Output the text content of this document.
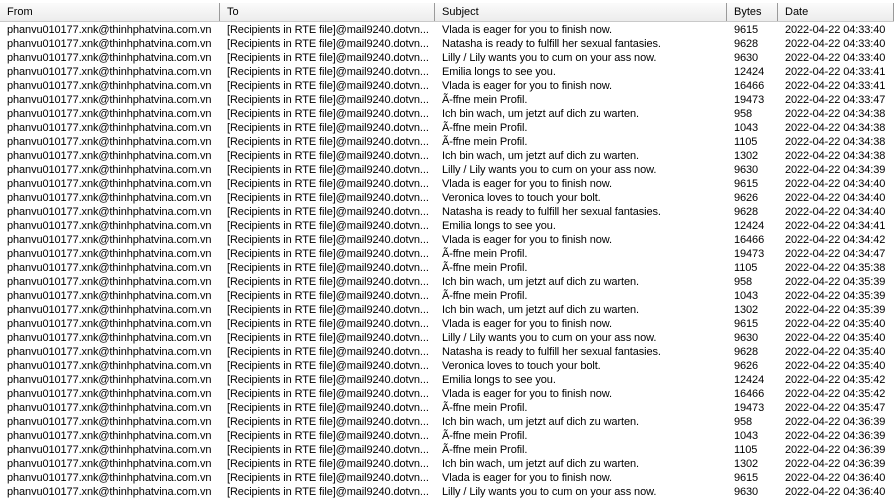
From	To	Subject	Bytes	Date
phanvu010177.xnk@thinhphatvina.com.vn	[Recipients in RTE file]@mail9240.dotvn...	Vlada is eager for you to finish now.	9615	2022-04-22 04:33:40
phanvu010177.xnk@thinhphatvina.com.vn	[Recipients in RTE file]@mail9240.dotvn...	Natasha is ready to fulfill her sexual fantasies.	9628	2022-04-22 04:33:40
phanvu010177.xnk@thinhphatvina.com.vn	[Recipients in RTE file]@mail9240.dotvn...	Lilly / Lily wants you to cum on your ass now.	9630	2022-04-22 04:33:40
phanvu010177.xnk@thinhphatvina.com.vn	[Recipients in RTE file]@mail9240.dotvn...	Emilia longs to see you.	12424	2022-04-22 04:33:41
phanvu010177.xnk@thinhphatvina.com.vn	[Recipients in RTE file]@mail9240.dotvn...	Vlada is eager for you to finish now.	16466	2022-04-22 04:33:41
phanvu010177.xnk@thinhphatvina.com.vn	[Recipients in RTE file]@mail9240.dotvn...	Ã-ffne mein Profil.	19473	2022-04-22 04:33:47
phanvu010177.xnk@thinhphatvina.com.vn	[Recipients in RTE file]@mail9240.dotvn...	Ich bin wach, um jetzt auf dich zu warten.	958	2022-04-22 04:34:38
phanvu010177.xnk@thinhphatvina.com.vn	[Recipients in RTE file]@mail9240.dotvn...	Ã-ffne mein Profil.	1043	2022-04-22 04:34:38
phanvu010177.xnk@thinhphatvina.com.vn	[Recipients in RTE file]@mail9240.dotvn...	Ã-ffne mein Profil.	1105	2022-04-22 04:34:38
phanvu010177.xnk@thinhphatvina.com.vn	[Recipients in RTE file]@mail9240.dotvn...	Ich bin wach, um jetzt auf dich zu warten.	1302	2022-04-22 04:34:38
phanvu010177.xnk@thinhphatvina.com.vn	[Recipients in RTE file]@mail9240.dotvn...	Lilly / Lily wants you to cum on your ass now.	9630	2022-04-22 04:34:39
phanvu010177.xnk@thinhphatvina.com.vn	[Recipients in RTE file]@mail9240.dotvn...	Vlada is eager for you to finish now.	9615	2022-04-22 04:34:40
phanvu010177.xnk@thinhphatvina.com.vn	[Recipients in RTE file]@mail9240.dotvn...	Veronica loves to touch your bolt.	9626	2022-04-22 04:34:40
phanvu010177.xnk@thinhphatvina.com.vn	[Recipients in RTE file]@mail9240.dotvn...	Natasha is ready to fulfill her sexual fantasies.	9628	2022-04-22 04:34:40
phanvu010177.xnk@thinhphatvina.com.vn	[Recipients in RTE file]@mail9240.dotvn...	Emilia longs to see you.	12424	2022-04-22 04:34:41
phanvu010177.xnk@thinhphatvina.com.vn	[Recipients in RTE file]@mail9240.dotvn...	Vlada is eager for you to finish now.	16466	2022-04-22 04:34:42
phanvu010177.xnk@thinhphatvina.com.vn	[Recipients in RTE file]@mail9240.dotvn...	Ã-ffne mein Profil.	19473	2022-04-22 04:34:47
phanvu010177.xnk@thinhphatvina.com.vn	[Recipients in RTE file]@mail9240.dotvn...	Ã-ffne mein Profil.	1105	2022-04-22 04:35:38
phanvu010177.xnk@thinhphatvina.com.vn	[Recipients in RTE file]@mail9240.dotvn...	Ich bin wach, um jetzt auf dich zu warten.	958	2022-04-22 04:35:39
phanvu010177.xnk@thinhphatvina.com.vn	[Recipients in RTE file]@mail9240.dotvn...	Ã-ffne mein Profil.	1043	2022-04-22 04:35:39
phanvu010177.xnk@thinhphatvina.com.vn	[Recipients in RTE file]@mail9240.dotvn...	Ich bin wach, um jetzt auf dich zu warten.	1302	2022-04-22 04:35:39
phanvu010177.xnk@thinhphatvina.com.vn	[Recipients in RTE file]@mail9240.dotvn...	Vlada is eager for you to finish now.	9615	2022-04-22 04:35:40
phanvu010177.xnk@thinhphatvina.com.vn	[Recipients in RTE file]@mail9240.dotvn...	Lilly / Lily wants you to cum on your ass now.	9630	2022-04-22 04:35:40
phanvu010177.xnk@thinhphatvina.com.vn	[Recipients in RTE file]@mail9240.dotvn...	Natasha is ready to fulfill her sexual fantasies.	9628	2022-04-22 04:35:40
phanvu010177.xnk@thinhphatvina.com.vn	[Recipients in RTE file]@mail9240.dotvn...	Veronica loves to touch your bolt.	9626	2022-04-22 04:35:40
phanvu010177.xnk@thinhphatvina.com.vn	[Recipients in RTE file]@mail9240.dotvn...	Emilia longs to see you.	12424	2022-04-22 04:35:42
phanvu010177.xnk@thinhphatvina.com.vn	[Recipients in RTE file]@mail9240.dotvn...	Vlada is eager for you to finish now.	16466	2022-04-22 04:35:42
phanvu010177.xnk@thinhphatvina.com.vn	[Recipients in RTE file]@mail9240.dotvn...	Ã-ffne mein Profil.	19473	2022-04-22 04:35:47
phanvu010177.xnk@thinhphatvina.com.vn	[Recipients in RTE file]@mail9240.dotvn...	Ich bin wach, um jetzt auf dich zu warten.	958	2022-04-22 04:36:39
phanvu010177.xnk@thinhphatvina.com.vn	[Recipients in RTE file]@mail9240.dotvn...	Ã-ffne mein Profil.	1043	2022-04-22 04:36:39
phanvu010177.xnk@thinhphatvina.com.vn	[Recipients in RTE file]@mail9240.dotvn...	Ã-ffne mein Profil.	1105	2022-04-22 04:36:39
phanvu010177.xnk@thinhphatvina.com.vn	[Recipients in RTE file]@mail9240.dotvn...	Ich bin wach, um jetzt auf dich zu warten.	1302	2022-04-22 04:36:39
phanvu010177.xnk@thinhphatvina.com.vn	[Recipients in RTE file]@mail9240.dotvn...	Vlada is eager for you to finish now.	9615	2022-04-22 04:36:40
phanvu010177.xnk@thinhphatvina.com.vn	[Recipients in RTE file]@mail9240.dotvn...	Lilly / Lily wants you to cum on your ass now.	9630	2022-04-22 04:36:40
